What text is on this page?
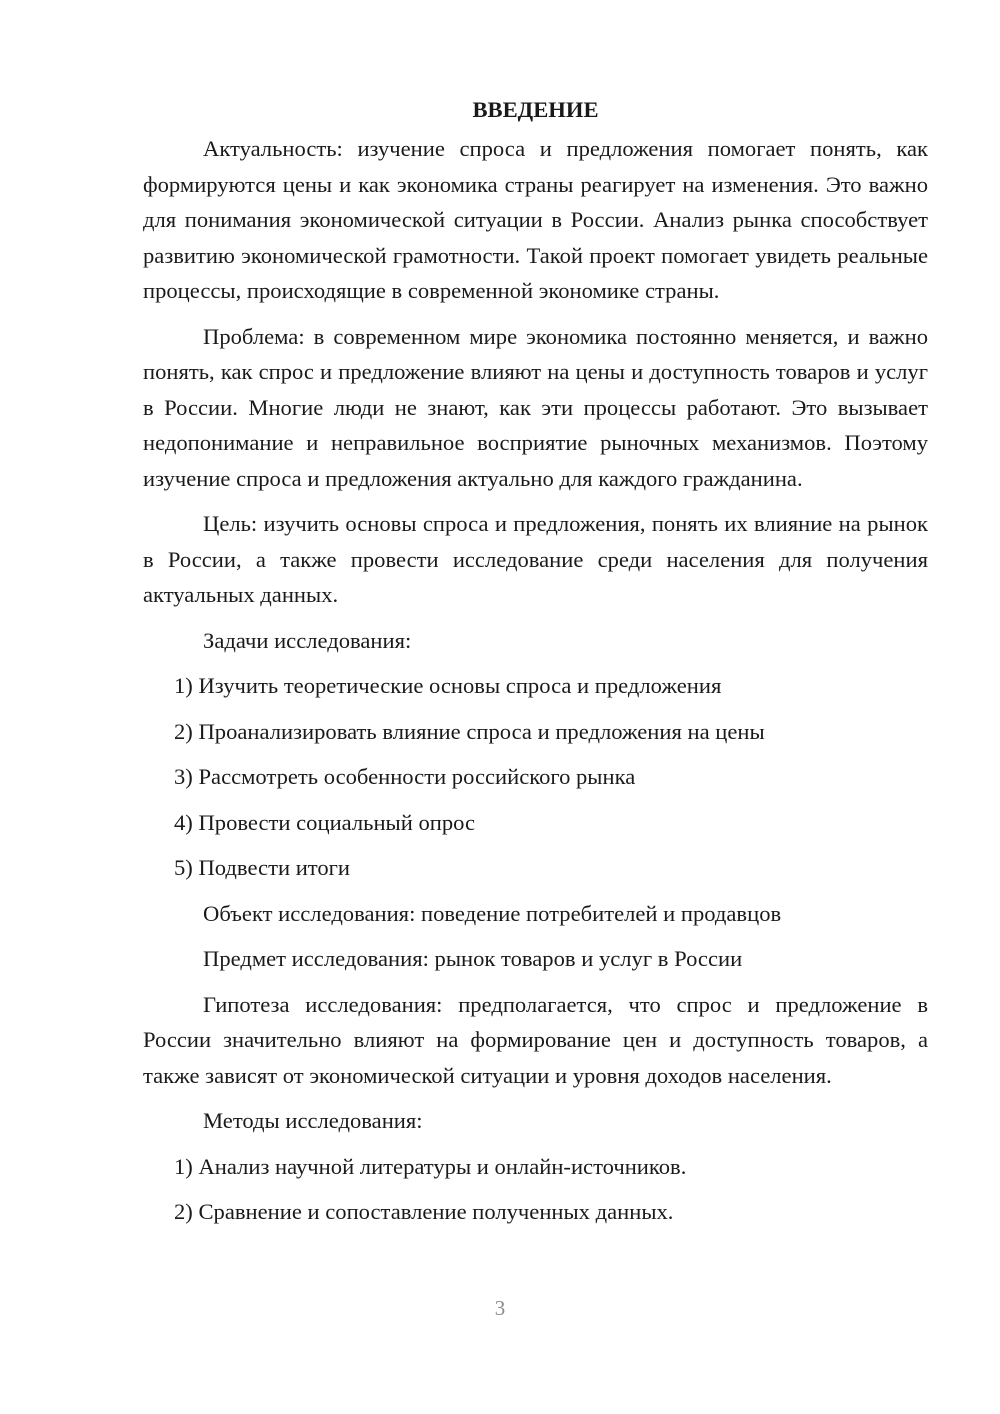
ВВЕДЕНИЕ

Актуальность: изучение спроса и предложения помогает понять, как формируются цены и как экономика страны реагирует на изменения. Это важно для понимания экономической ситуации в России. Анализ рынка способствует развитию экономической грамотности. Такой проект помогает увидеть реальные процессы, происходящие в современной экономике страны.

Проблема: в современном мире экономика постоянно меняется, и важно понять, как спрос и предложение влияют на цены и доступность товаров и услуг в России. Многие люди не знают, как эти процессы работают. Это вызывает недопонимание и неправильное восприятие рыночных механизмов. Поэтому изучение спроса и предложения актуально для каждого гражданина.

Цель: изучить основы спроса и предложения, понять их влияние на рынок в России, а также провести исследование среди населения для получения актуальных данных.

Задачи исследования:
1) Изучить теоретические основы спроса и предложения
2) Проанализировать влияние спроса и предложения на цены
3) Рассмотреть особенности российского рынка
4) Провести социальный опрос
5) Подвести итоги
Объект исследования: поведение потребителей и продавцов
Предмет исследования: рынок товаров и услуг в России

Гипотеза исследования: предполагается, что спрос и предложение в России значительно влияют на формирование цен и доступность товаров, а также зависят от экономической ситуации и уровня доходов населения.

Методы исследования:
1) Анализ научной литературы и онлайн-источников.
2) Сравнение и сопоставление полученных данных.
3
